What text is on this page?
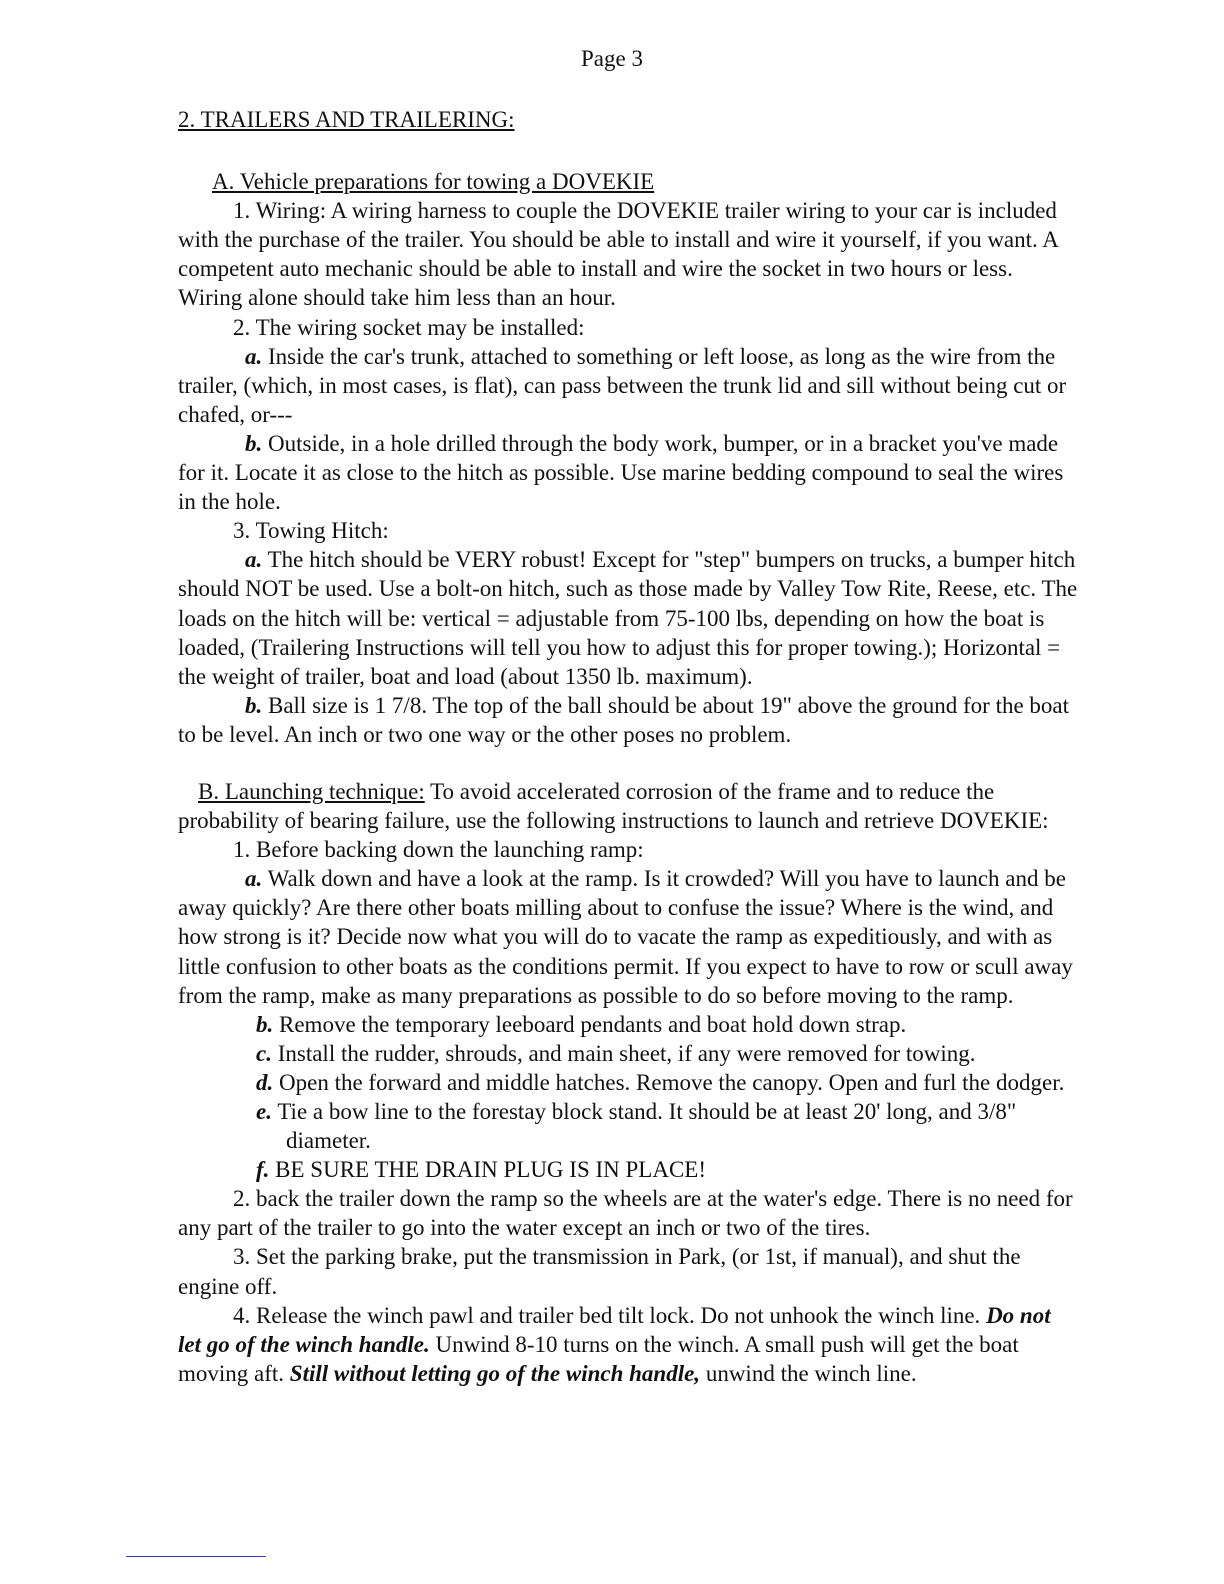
Page 3

2. TRAILERS AND TRAILERING:

A. Vehicle preparations for towing a DOVEKIE

1. Wiring: A wiring harness to couple the DOVEKIE trailer wiring to your car is included with the purchase of the trailer. You should be able to install and wire it yourself, if you want. A competent auto mechanic should be able to install and wire the socket in two hours or less. Wiring alone should take him less than an hour.

2. The wiring socket may be installed:

a. Inside the car's trunk, attached to something or left loose, as long as the wire from the trailer, (which, in most cases, is flat), can pass between the trunk lid and sill without being cut or chafed, or---

b. Outside, in a hole drilled through the body work, bumper, or in a bracket you've made for it. Locate it as close to the hitch as possible. Use marine bedding compound to seal the wires in the hole.

3. Towing Hitch:

a. The hitch should be VERY robust! Except for "step" bumpers on trucks, a bumper hitch should NOT be used. Use a bolt-on hitch, such as those made by Valley Tow Rite, Reese, etc. The loads on the hitch will be: vertical = adjustable from 75-100 lbs, depending on how the boat is loaded, (Trailering Instructions will tell you how to adjust this for proper towing.); Horizontal = the weight of trailer, boat and load (about 1350 lb. maximum).

b. Ball size is 1 7/8. The top of the ball should be about 19" above the ground for the boat to be level. An inch or two one way or the other poses no problem.

B. Launching technique: To avoid accelerated corrosion of the frame and to reduce the probability of bearing failure, use the following instructions to launch and retrieve DOVEKIE:

1. Before backing down the launching ramp:

a. Walk down and have a look at the ramp. Is it crowded? Will you have to launch and be away quickly? Are there other boats milling about to confuse the issue? Where is the wind, and how strong is it? Decide now what you will do to vacate the ramp as expeditiously, and with as little confusion to other boats as the conditions permit. If you expect to have to row or scull away from the ramp, make as many preparations as possible to do so before moving to the ramp.

b. Remove the temporary leeboard pendants and boat hold down strap.

c. Install the rudder, shrouds, and main sheet, if any were removed for towing.

d. Open the forward and middle hatches. Remove the canopy. Open and furl the dodger.

e. Tie a bow line to the forestay block stand. It should be at least 20' long, and 3/8" diameter.

f. BE SURE THE DRAIN PLUG IS IN PLACE!

2. back the trailer down the ramp so the wheels are at the water's edge. There is no need for any part of the trailer to go into the water except an inch or two of the tires.

3. Set the parking brake, put the transmission in Park, (or 1st, if manual), and shut the engine off.

4. Release the winch pawl and trailer bed tilt lock. Do not unhook the winch line. Do not let go of the winch handle. Unwind 8-10 turns on the winch. A small push will get the boat moving aft. Still without letting go of the winch handle, unwind the winch line.
